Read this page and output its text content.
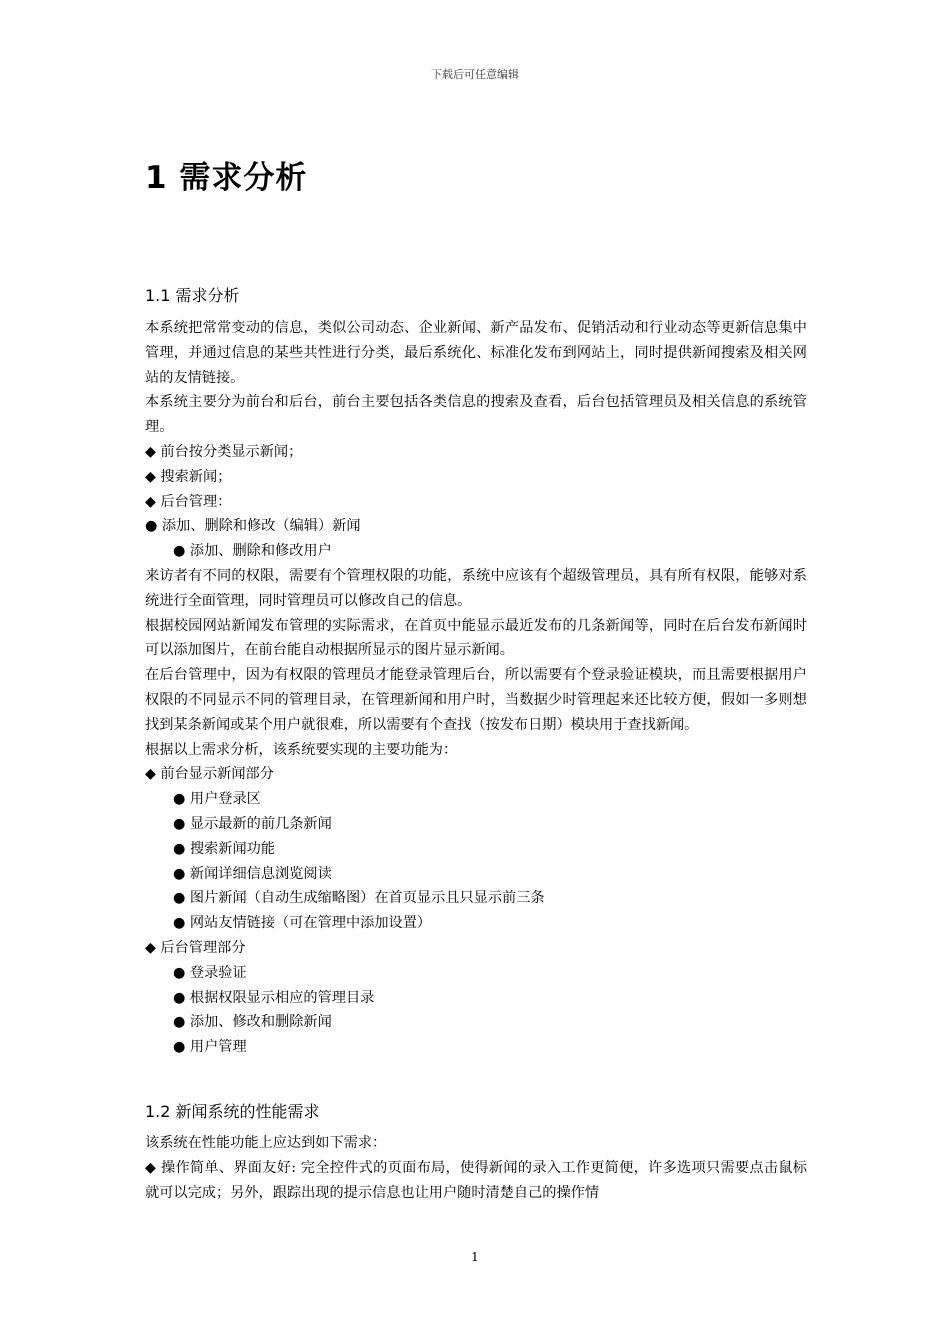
下载后可任意编辑
1 需求分析
1.1 需求分析

本系统把常常变动的信息，类似公司动态、企业新闻、新产品发布、促销活动和行业动态等更新信息集中管理，并通过信息的某些共性进行分类，最后系统化、标准化发布到网站上，同时提供新闻搜索及相关网站的友情链接。

本系统主要分为前台和后台，前台主要包括各类信息的搜索及查看，后台包括管理员及相关信息的系统管理。

◆ 前台按分类显示新闻；

◆ 搜索新闻；

◆ 后台管理：

● 添加、删除和修改（编辑）新闻

● 添加、删除和修改用户

来访者有不同的权限，需要有个管理权限的功能，系统中应该有个超级管理员，具有所有权限，能够对系统进行全面管理，同时管理员可以修改自己的信息。

根据校园网站新闻发布管理的实际需求，在首页中能显示最近发布的几条新闻等，同时在后台发布新闻时可以添加图片，在前台能自动根据所显示的图片显示新闻。

在后台管理中，因为有权限的管理员才能登录管理后台，所以需要有个登录验证模块，而且需要根据用户权限的不同显示不同的管理目录，在管理新闻和用户时，当数据少时管理起来还比较方便，假如一多则想找到某条新闻或某个用户就很难，所以需要有个查找（按发布日期）模块用于查找新闻。

根据以上需求分析，该系统要实现的主要功能为：

◆ 前台显示新闻部分

● 用户登录区

● 显示最新的前几条新闻

● 搜索新闻功能

● 新闻详细信息浏览阅读

● 图片新闻（自动生成缩略图）在首页显示且只显示前三条

● 网站友情链接（可在管理中添加设置）

◆ 后台管理部分

● 登录验证

● 根据权限显示相应的管理目录

● 添加、修改和删除新闻

● 用户管理

1.2 新闻系统的性能需求

该系统在性能功能上应达到如下需求：

◆ 操作简单、界面友好: 完全控件式的页面布局，使得新闻的录入工作更简便，许多选项只需要点击鼠标就可以完成；另外，跟踪出现的提示信息也让用户随时清楚自己的操作情

1
